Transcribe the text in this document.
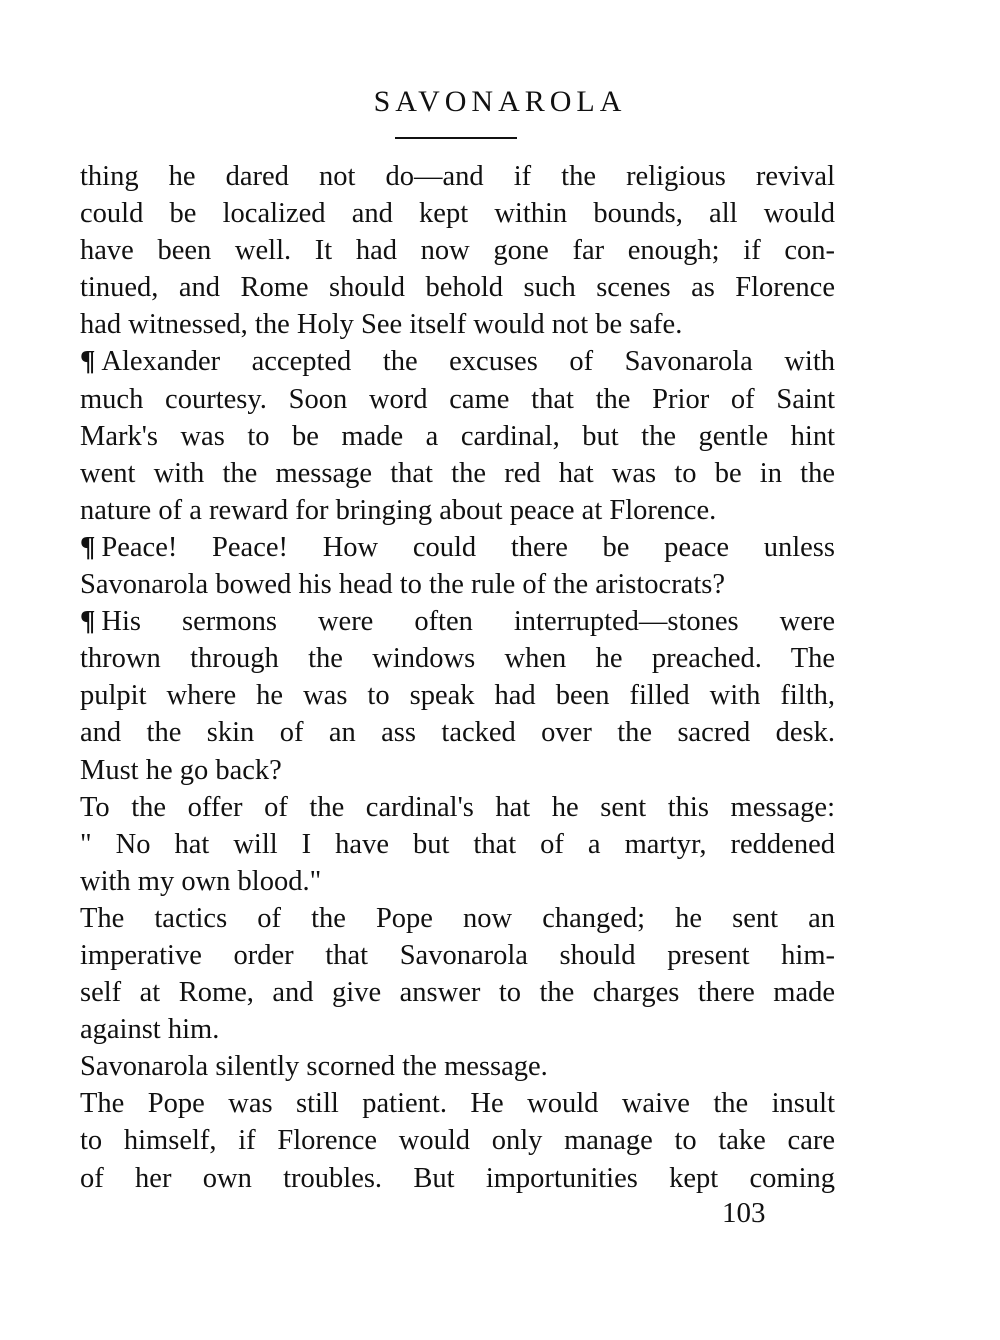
SAVONAROLA
thing he dared not do—and if the religious revival
could be localized and kept within bounds, all would
have been well. It had now gone far enough; if con-
tinued, and Rome should behold such scenes as Florence
had witnessed, the Holy See itself would not be safe.
¶ Alexander accepted the excuses of Savonarola with
much courtesy. Soon word came that the Prior of Saint
Mark's was to be made a cardinal, but the gentle hint
went with the message that the red hat was to be in the
nature of a reward for bringing about peace at Florence.
¶ Peace! Peace! How could there be peace unless
Savonarola bowed his head to the rule of the aristocrats?
¶ His sermons were often interrupted—stones were
thrown through the windows when he preached. The
pulpit where he was to speak had been filled with filth,
and the skin of an ass tacked over the sacred desk.
Must he go back?
To the offer of the cardinal's hat he sent this message:
" No hat will I have but that of a martyr, reddened
with my own blood."
The tactics of the Pope now changed; he sent an
imperative order that Savonarola should present him-
self at Rome, and give answer to the charges there made
against him.
Savonarola silently scorned the message.
The Pope was still patient. He would waive the insult
to himself, if Florence would only manage to take care
of her own troubles. But importunities kept coming
103
